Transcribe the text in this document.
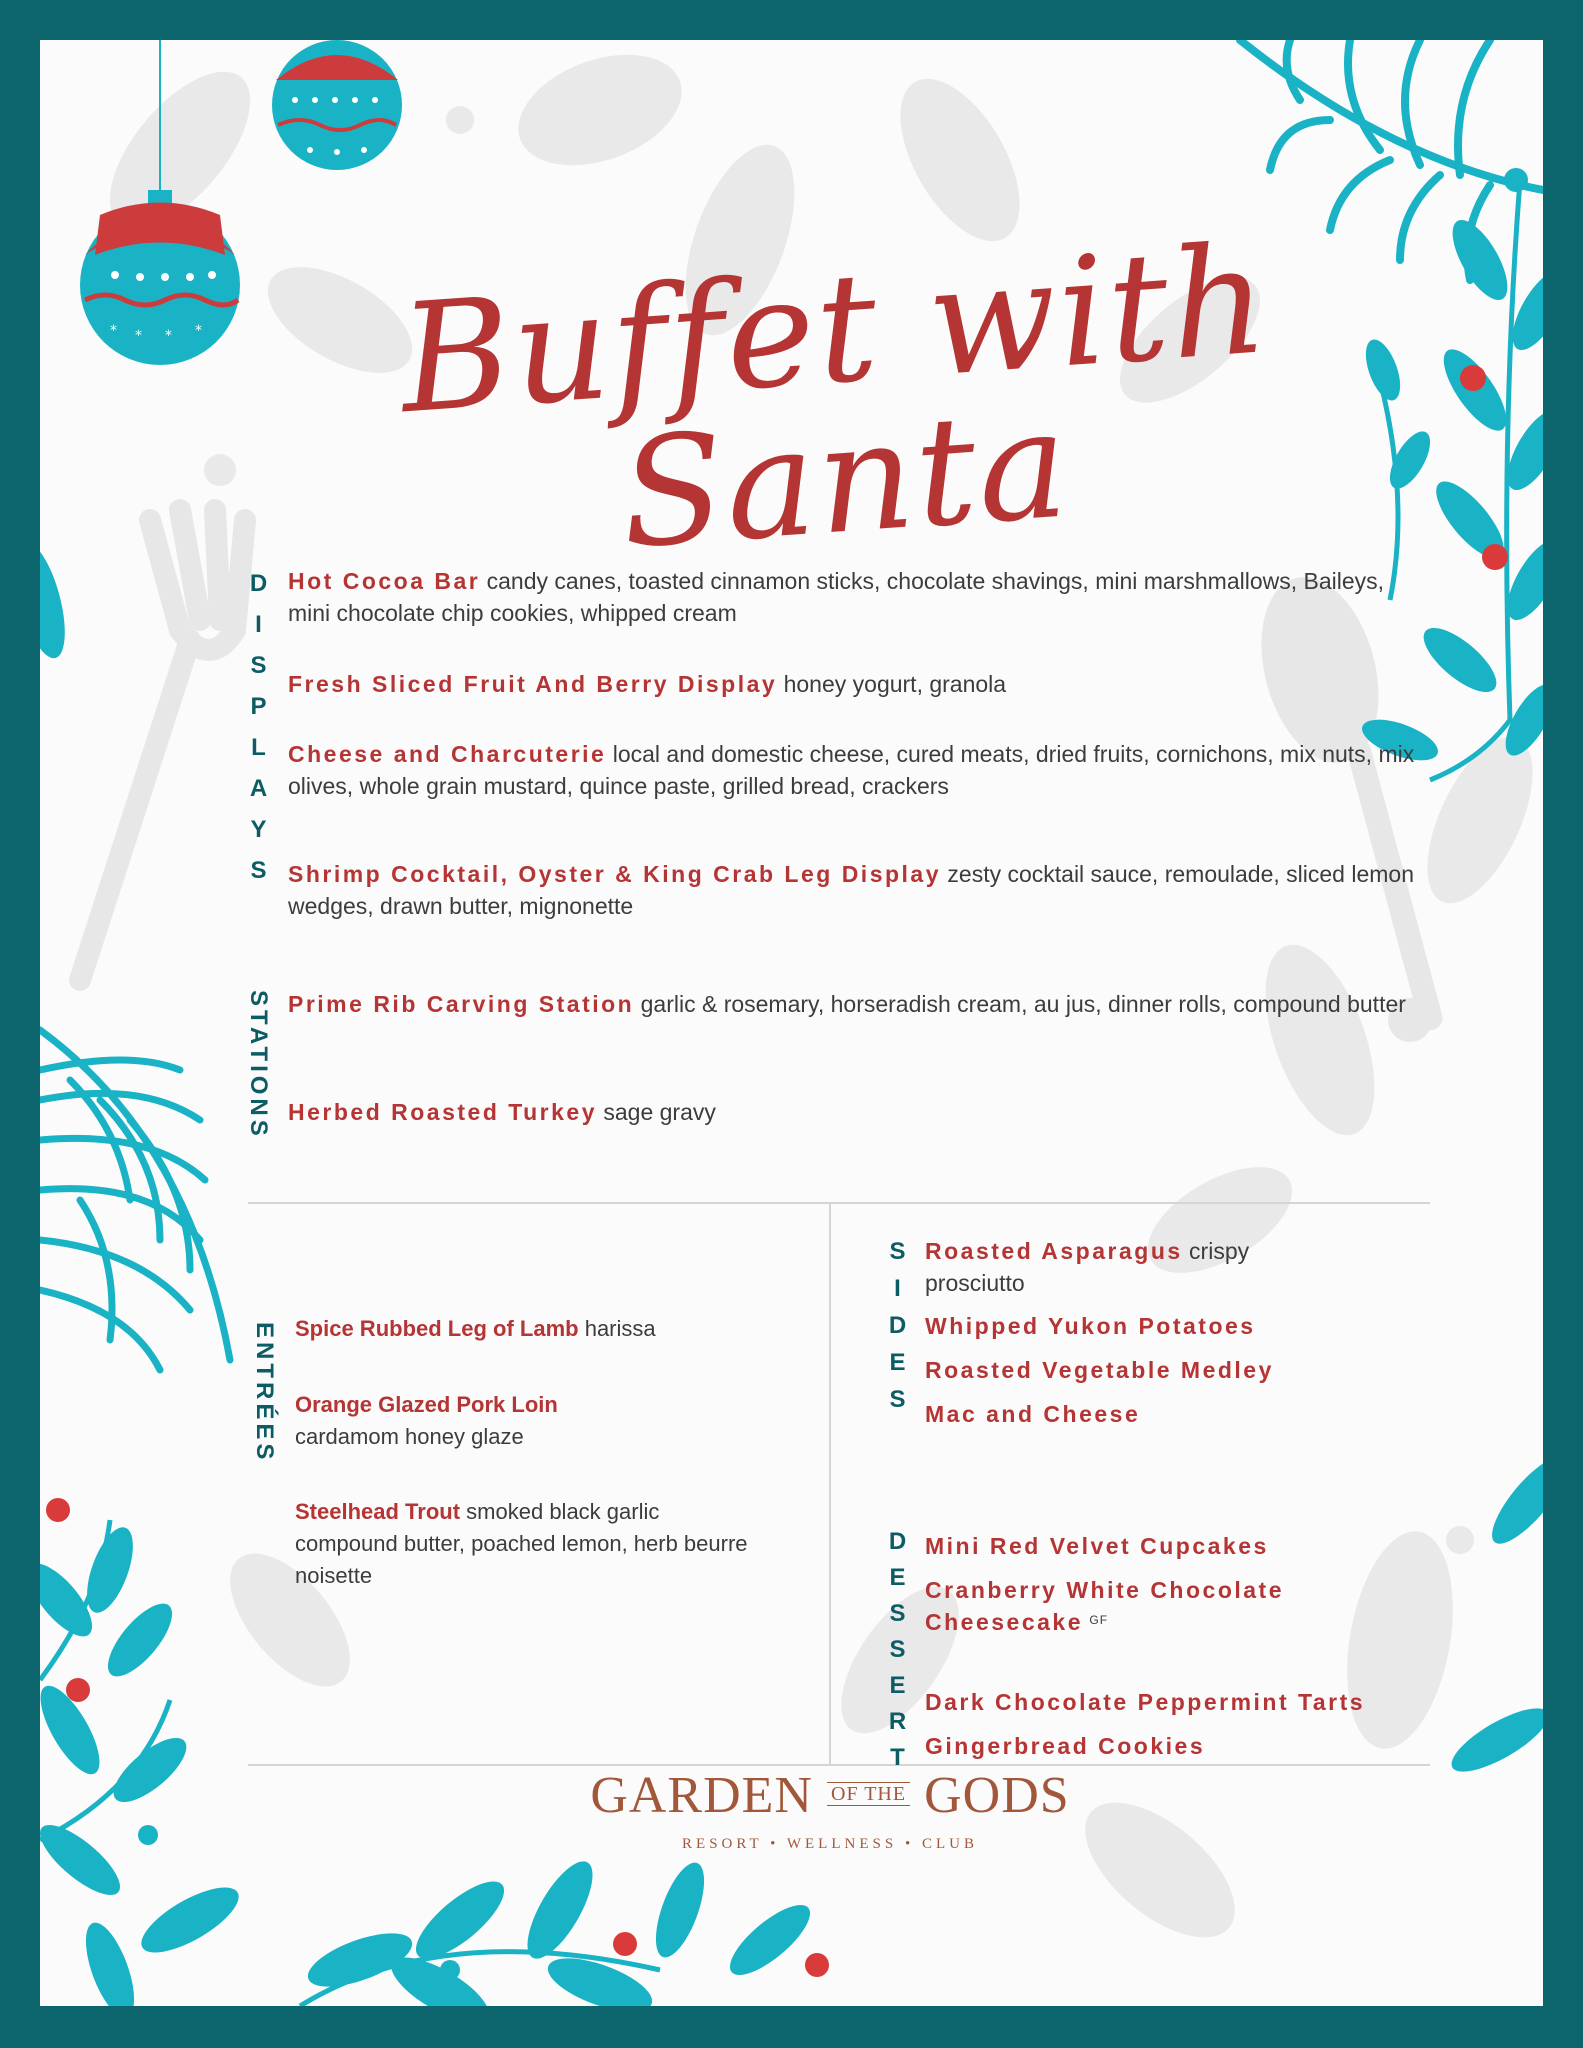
* * * *	Buffet with Santa
DISPLAYS Hot Cocoa Bar candy canes, toasted cinnamon sticks, chocolate shavings, mini marshmallows, Baileys, mini chocolate chip cookies, whipped cream
Fresh Sliced Fruit And Berry Display honey yogurt, granola
Cheese and Charcuterie local and domestic cheese, cured meats, dried fruits, cornichons, mix nuts, mix olives, whole grain mustard, quince paste, grilled bread, crackers
Shrimp Cocktail, Oyster & King Crab Leg Display zesty cocktail sauce, remoulade, sliced lemon wedges, drawn butter, mignonette
STATIONS Prime Rib Carving Station garlic & rosemary, horseradish cream, au jus, dinner rolls, compound butter
Herbed Roasted Turkey sage gravy
ENTRÉES Spice Rubbed Leg of Lamb harissa
Orange Glazed Pork Loin cardamom honey glaze
Steelhead Trout smoked black garlic compound butter, poached lemon, herb beurre noisette
SIDES Roasted Asparagus crispy prosciutto
Whipped Yukon Potatoes
Roasted Vegetable Medley
Mac and Cheese
DESSERT Mini Red Velvet Cupcakes
Cranberry White Chocolate Cheesecake $^{GF}$
Dark Chocolate Peppermint Tarts
Gingerbread Cookies
GARDEN OF THE GODS
RESORT • WELLNESS • CLUB
